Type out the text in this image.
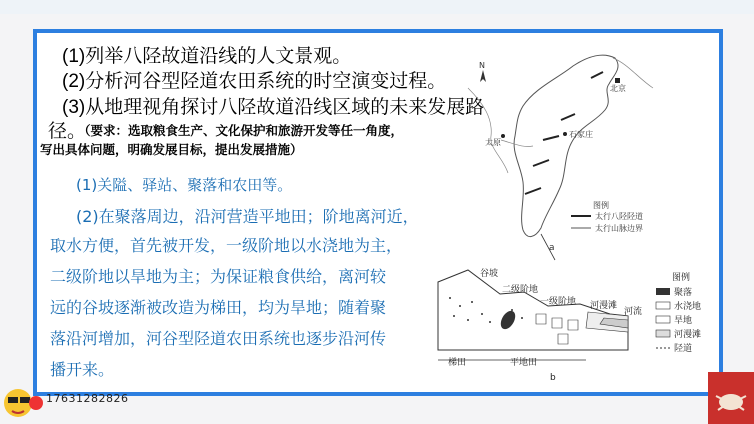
(1)列举八陉故道沿线的人文景观。
(2)分析河谷型陉道农田系统的时空演变过程。
(3)从地理视角探讨八陉故道沿线区域的未来发展路
径。
（要求：选取粮食生产、文化保护和旅游开发等任一角度，
写出具体问题，明确发展目标，提出发展措施）
(1)关隘、驿站、聚落和农田等。
(2)在聚落周边，沿河营造平地田；阶地离河近，
取水方便，首先被开发，一级阶地以水浇地为主，
二级阶地以旱地为主；为保证粮食供给，离河较
远的谷坡逐渐被改造为梯田，均为旱地；随着聚
落沿河增加，河谷型陉道农田系统也逐步沿河传
播开来。
N
北京
石家庄
太原
图例
太行八陉陉道
太行山脉边界
a
谷坡
二级阶地
一级阶地 河漫滩
河流
梯田	平地田
b
图例
聚落
水浇地
旱地
河漫滩
陉道
17631282826
